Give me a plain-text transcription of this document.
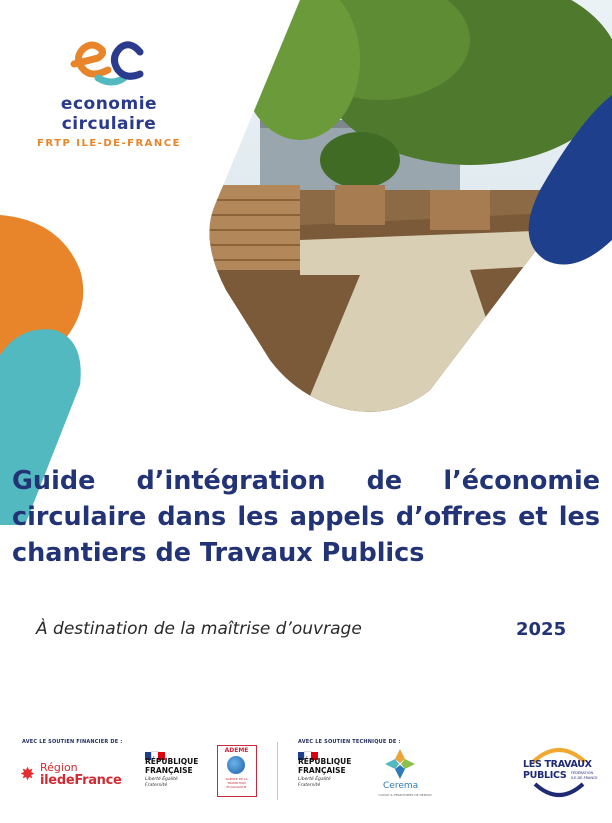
economie
circulaire
FRTP ILE-DE-FRANCE
Guide d’intégration de l’économie circulaire dans les appels d’offres et les chantiers de Travaux Publics
À destination de la maîtrise d’ouvrage	2025
AVEC LE SOUTIEN FINANCIER DE :	AVEC LE SOUTIEN TECHNIQUE DE :
✸ Région
iledeFrance
RÉPUBLIQUE
FRANÇAISE
Liberté Égalité Fraternité
ADEME
AGENCE DE LA TRANSITION ÉCOLOGIQUE
RÉPUBLIQUE
FRANÇAISE
Liberté Égalité Fraternité	Cerema
CLIMAT & TERRITOIRES DE DEMAIN
LES TRAVAUX
PUBLICS FÉDÉRATION ILE-DE-FRANCE
